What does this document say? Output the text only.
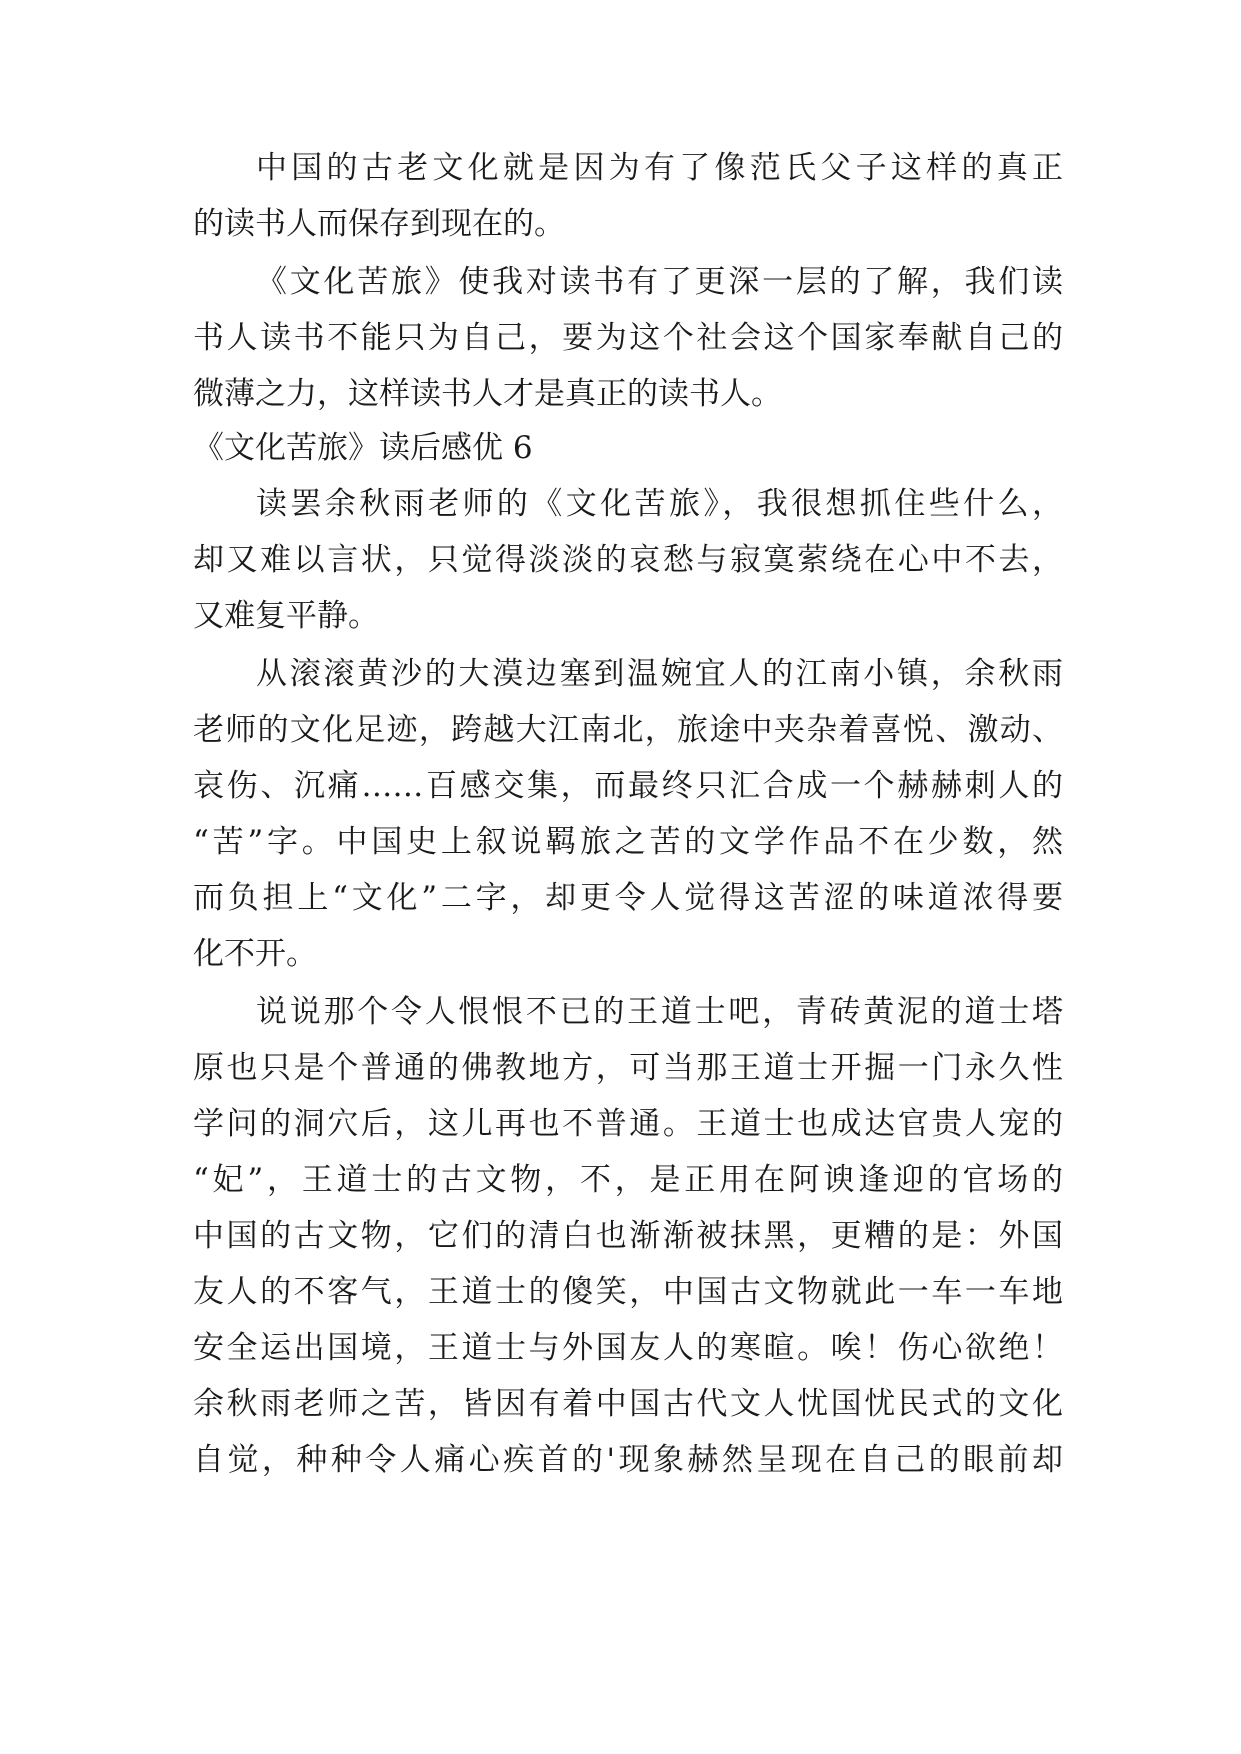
中国的古老文化就是因为有了像范氏父子这样的真正
的读书人而保存到现在的。
《文化苦旅》使我对读书有了更深一层的了解，我们读
书人读书不能只为自己，要为这个社会这个国家奉献自己的
微薄之力，这样读书人才是真正的读书人。
《文化苦旅》读后感优 6
读罢余秋雨老师的《文化苦旅》，我很想抓住些什么，
却又难以言状，只觉得淡淡的哀愁与寂寞萦绕在心中不去，
又难复平静。
从滚滚黄沙的大漠边塞到温婉宜人的江南小镇，余秋雨
老师的文化足迹，跨越大江南北，旅途中夹杂着喜悦、激动、
哀伤、沉痛……百感交集，而最终只汇合成一个赫赫刺人的
“苦”字。中国史上叙说羁旅之苦的文学作品不在少数，然
而负担上“文化”二字，却更令人觉得这苦涩的味道浓得要
化不开。
说说那个令人恨恨不已的王道士吧，青砖黄泥的道士塔
原也只是个普通的佛教地方，可当那王道士开掘一门永久性
学问的洞穴后，这儿再也不普通。王道士也成达官贵人宠的
“妃”，王道士的古文物，不，是正用在阿谀逢迎的官场的
中国的古文物，它们的清白也渐渐被抹黑，更糟的是：外国
友人的不客气，王道士的傻笑，中国古文物就此一车一车地
安全运出国境，王道士与外国友人的寒暄。唉！伤心欲绝！
余秋雨老师之苦，皆因有着中国古代文人忧国忧民式的文化
自觉，种种令人痛心疾首的'现象赫然呈现在自己的眼前却
